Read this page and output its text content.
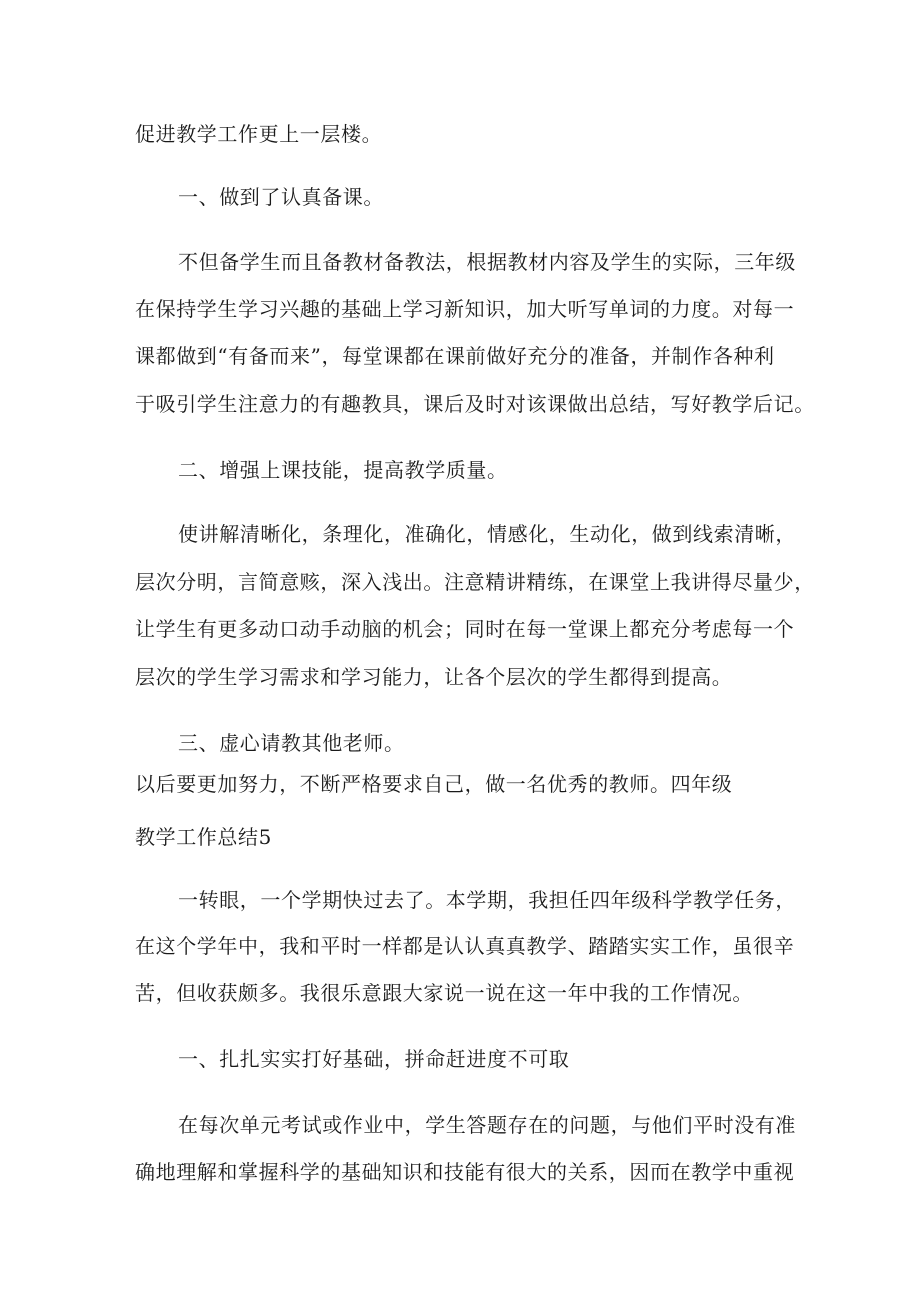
促进教学工作更上一层楼。
一、做到了认真备课。
不但备学生而且备教材备教法，根据教材内容及学生的实际，三年级
在保持学生学习兴趣的基础上学习新知识，加大听写单词的力度。对每一
课都做到“有备而来”，每堂课都在课前做好充分的准备，并制作各种利
于吸引学生注意力的有趣教具，课后及时对该课做出总结，写好教学后记。
二、增强上课技能，提高教学质量。
使讲解清晰化，条理化，准确化，情感化，生动化，做到线索清晰，
层次分明，言简意赅，深入浅出。注意精讲精练，在课堂上我讲得尽量少，
让学生有更多动口动手动脑的机会；同时在每一堂课上都充分考虑每一个
层次的学生学习需求和学习能力，让各个层次的学生都得到提高。
三、虚心请教其他老师。
以后要更加努力，不断严格要求自己，做一名优秀的教师。四年级
教学工作总结5
一转眼，一个学期快过去了。本学期，我担任四年级科学教学任务，
在这个学年中，我和平时一样都是认认真真教学、踏踏实实工作，虽很辛
苦，但收获颇多。我很乐意跟大家说一说在这一年中我的工作情况。
一、扎扎实实打好基础，拼命赶进度不可取
在每次单元考试或作业中，学生答题存在的问题，与他们平时没有准
确地理解和掌握科学的基础知识和技能有很大的关系，因而在教学中重视
